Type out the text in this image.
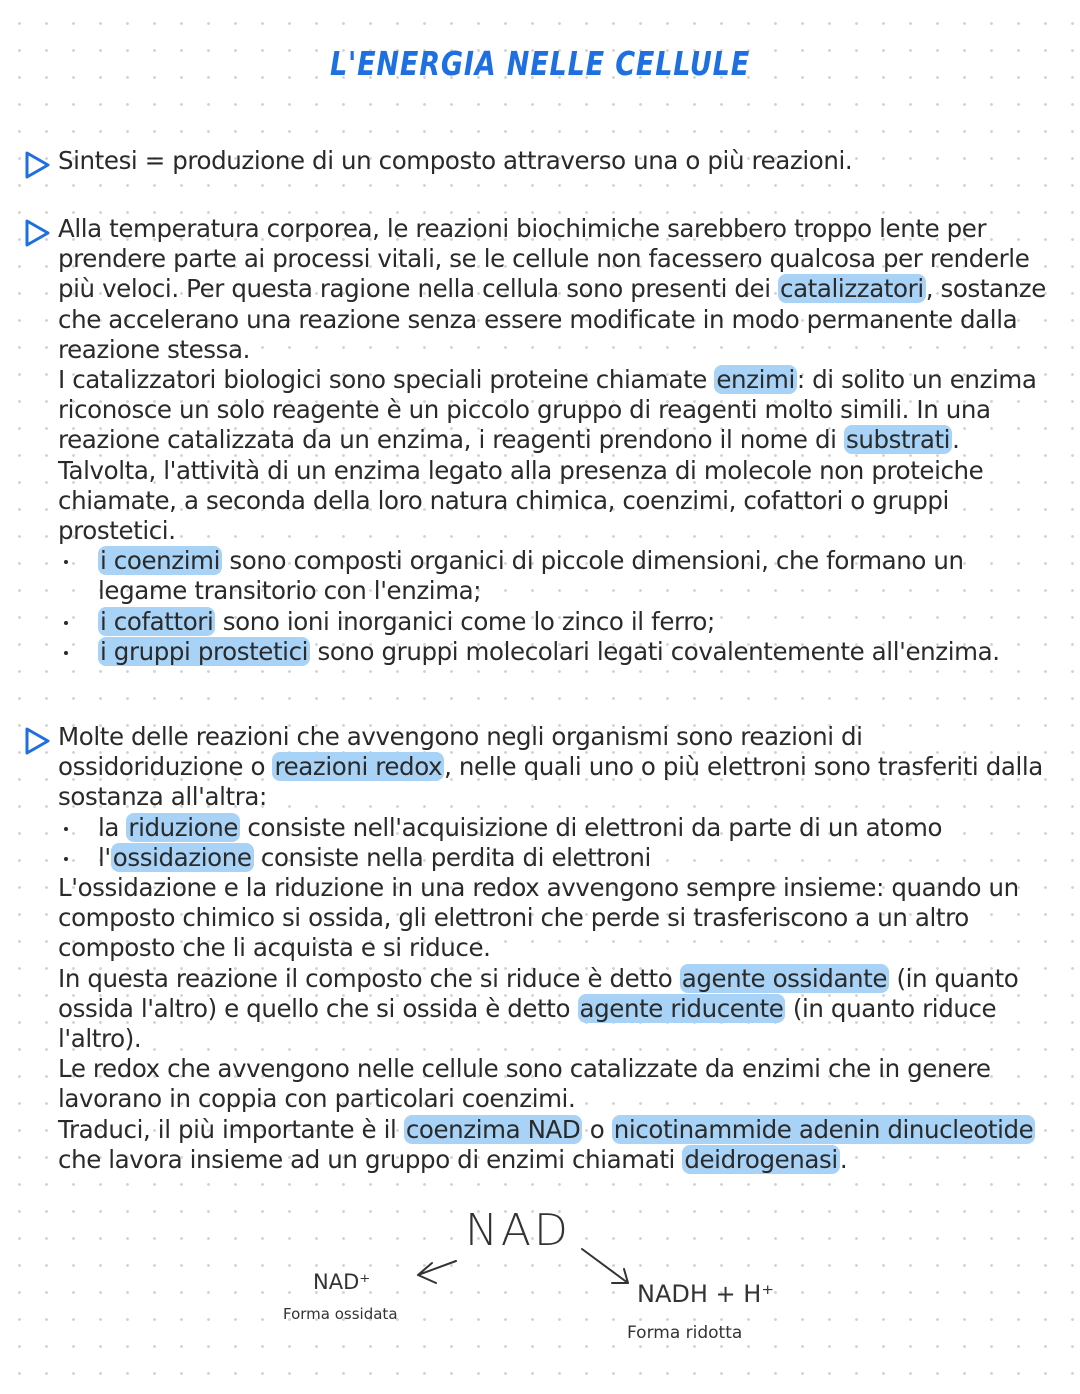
L'ENERGIA NELLE CELLULE

Sintesi = produzione di un composto attraverso una o più reazioni.

Alla temperatura corporea, le reazioni biochimiche sarebbero troppo lente per prendere parte ai processi vitali, se le cellule non facessero qualcosa per renderle più veloci. Per questa ragione nella cellula sono presenti dei catalizzatori, sostanze che accelerano una reazione senza essere modificate in modo permanente dalla reazione stessa.

I catalizzatori biologici sono speciali proteine chiamate enzimi: di solito un enzima riconosce un solo reagente è un piccolo gruppo di reagenti molto simili. In una reazione catalizzata da un enzima, i reagenti prendono il nome di substrati.

Talvolta, l'attività di un enzima legato alla presenza di molecole non proteiche chiamate, a seconda della loro natura chimica, coenzimi, cofattori o gruppi prostetici.

i coenzimi sono composti organici di piccole dimensioni, che formano un legame transitorio con l'enzima;
i cofattori sono ioni inorganici come lo zinco il ferro;
i gruppi prostetici sono gruppi molecolari legati covalentemente all'enzima.

Molte delle reazioni che avvengono negli organismi sono reazioni di ossidoriduzione o reazioni redox, nelle quali uno o più elettroni sono trasferiti dalla sostanza all'altra:

la riduzione consiste nell'acquisizione di elettroni da parte di un atomo
l'ossidazione consiste nella perdita di elettroni

L'ossidazione e la riduzione in una redox avvengono sempre insieme: quando un composto chimico si ossida, gli elettroni che perde si trasferiscono a un altro composto che li acquista e si riduce.

In questa reazione il composto che si riduce è detto agente ossidante (in quanto ossida l'altro) e quello che si ossida è detto agente riducente (in quanto riduce l'altro).

Le redox che avvengono nelle cellule sono catalizzate da enzimi che in genere lavorano in coppia con particolari coenzimi.

Traduci, il più importante è il coenzima NAD o nicotinammide adenin dinucleotide che lavora insieme ad un gruppo di enzimi chiamati deidrogenasi.

NAD
NAD⁺
Forma ossidata
NADH + H⁺
Forma ridotta
